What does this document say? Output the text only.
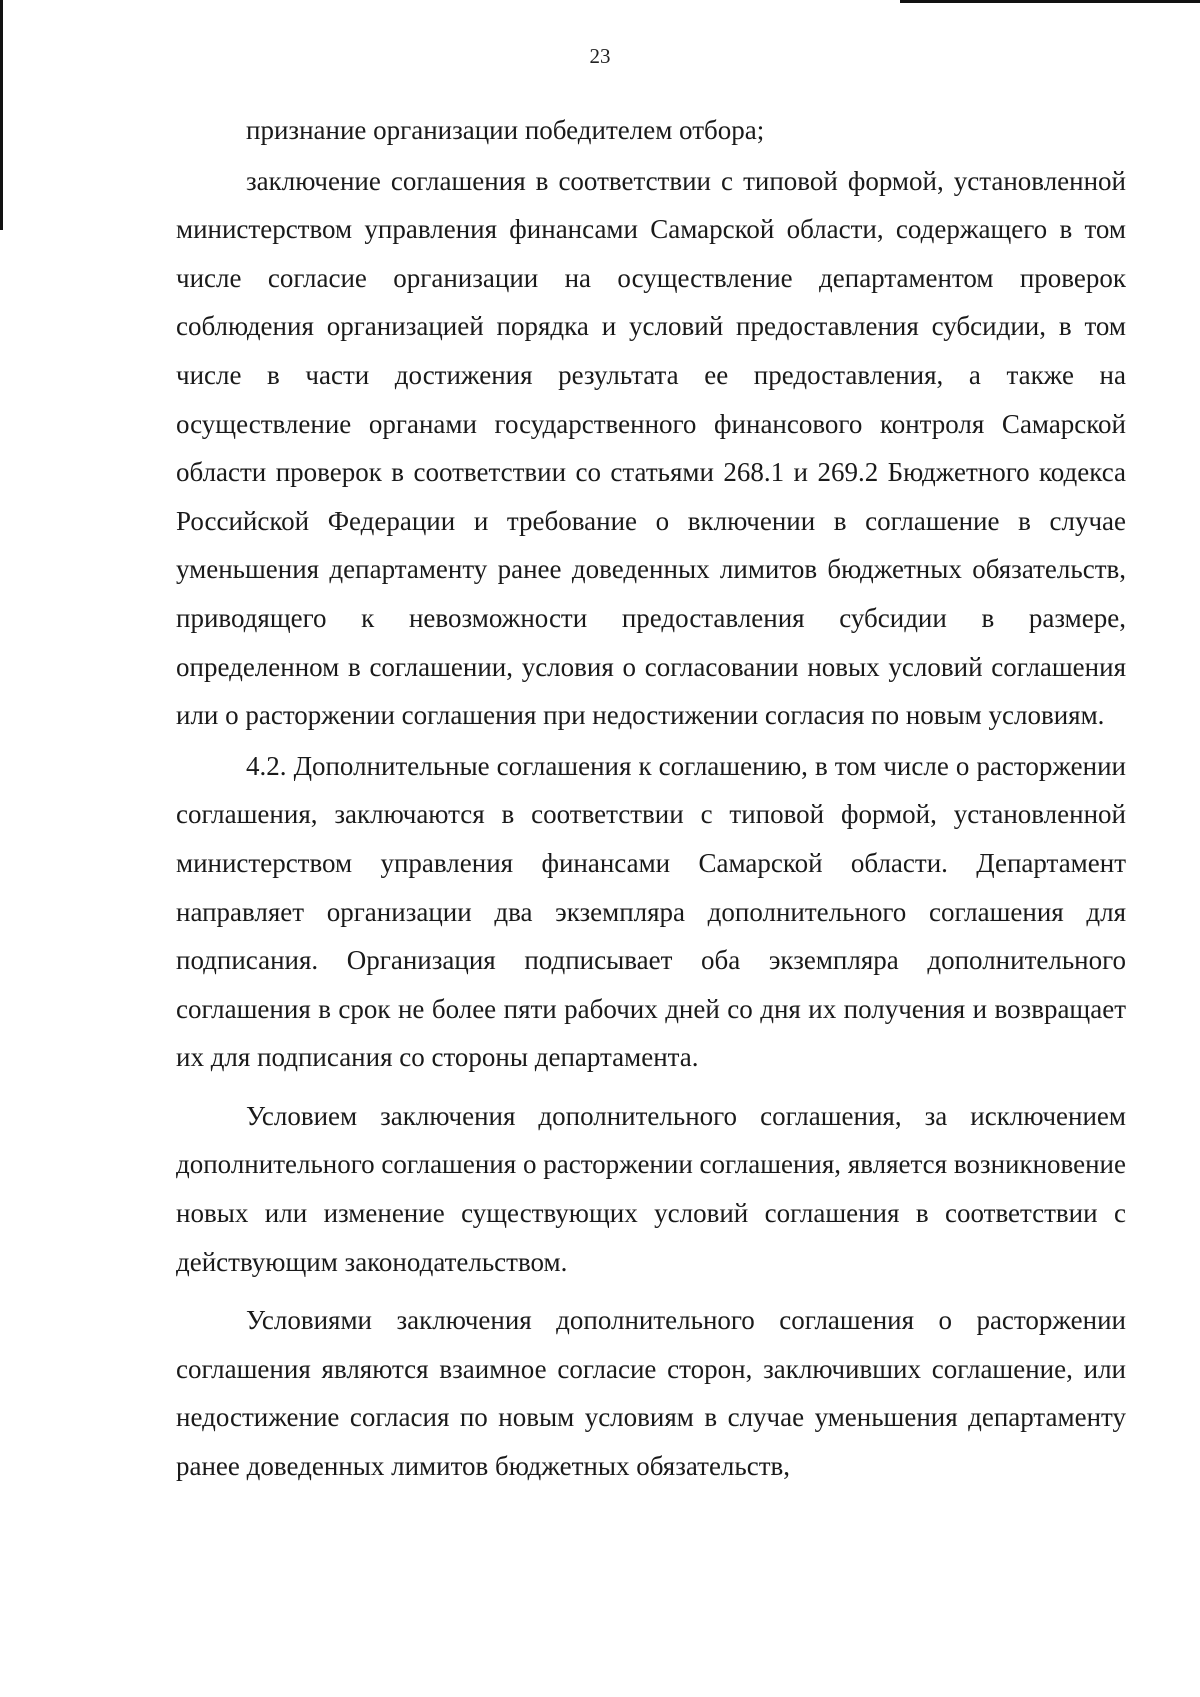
23

признание организации победителем отбора;

заключение соглашения в соответствии с типовой формой, установленной министерством управления финансами Самарской области, содержащего в том числе согласие организации на осуществление департаментом проверок соблюдения организацией порядка и условий предоставления субсидии, в том числе в части достижения результата ее предоставления, а также на осуществление органами государственного финансового контроля Самарской области проверок в соответствии со статьями 268.1 и 269.2 Бюджетного кодекса Российской Федерации и требование о включении в соглашение в случае уменьшения департаменту ранее доведенных лимитов бюджетных обязательств, приводящего к невозможности предоставления субсидии в размере, определенном в соглашении, условия о согласовании новых условий соглашения или о расторжении соглашения при недостижении согласия по новым условиям.

4.2. Дополнительные соглашения к соглашению, в том числе о расторжении соглашения, заключаются в соответствии с типовой формой, установленной министерством управления финансами Самарской области. Департамент направляет организации два экземпляра дополнительного соглашения для подписания. Организация подписывает оба экземпляра дополнительного соглашения в срок не более пяти рабочих дней со дня их получения и возвращает их для подписания со стороны департамента.

Условием заключения дополнительного соглашения, за исключением дополнительного соглашения о расторжении соглашения, является возникновение новых или изменение существующих условий соглашения в соответствии с действующим законодательством.

Условиями заключения дополнительного соглашения о расторжении соглашения являются взаимное согласие сторон, заключивших соглашение, или недостижение согласия по новым условиям в случае уменьшения департаменту ранее доведенных лимитов бюджетных обязательств,
